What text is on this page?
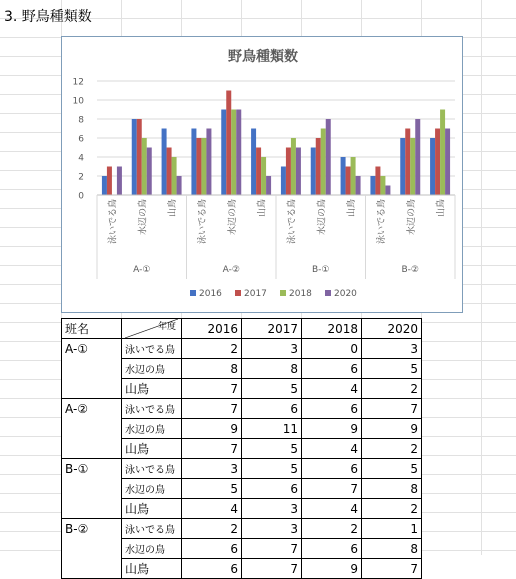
3. 野鳥種類数
野鳥種類数
0
2
4
6
8
10
12
泳いでる鳥 水辺の鳥 山鳥 泳いでる鳥 水辺の鳥 山鳥 泳いでる鳥 水辺の鳥 山鳥 泳いでる鳥 水辺の鳥 山鳥
A-①	A-②	B-①	B-②
2016 2017 2018 2020
班名	年度	2016	2017	2018	2020
A-①	泳いでる鳥	2	3	0	3
	水辺の鳥	8	8	6	5
	山鳥	7	5	4	2
A-②	泳いでる鳥	7	6	6	7
	水辺の鳥	9	11	9	9
	山鳥	7	5	4	2
B-①	泳いでる鳥	3	5	6	5
	水辺の鳥	5	6	7	8
	山鳥	4	3	4	2
B-②	泳いでる鳥	2	3	2	1
	水辺の鳥	6	7	6	8
	山鳥	6	7	9	7
